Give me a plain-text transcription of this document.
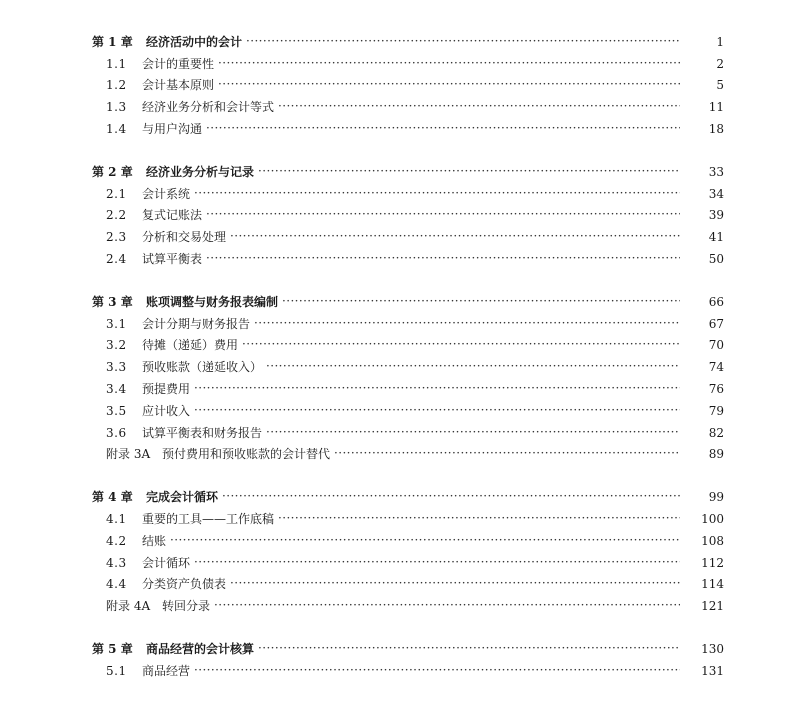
第 1 章	经济活动中的会计 ·····	1
1.1	会计的重要性 ·····	2
1.2	会计基本原则 ·····	5
1.3	经济业务分析和会计等式 ·····	11
1.4	与用户沟通 ·····	18
第 2 章	经济业务分析与记录 ·····	33
2.1	会计系统 ·····	34
2.2	复式记账法 ·····	39
2.3	分析和交易处理 ·····	41
2.4	试算平衡表 ·····	50
第 3 章	账项调整与财务报表编制 ·····	66
3.1	会计分期与财务报告 ·····	67
3.2	待摊（递延）费用 ·····	70
3.3	预收账款（递延收入） ·····	74
3.4	预提费用 ·····	76
3.5	应计收入 ·····	79
3.6	试算平衡表和财务报告 ·····	82
附录 3A 预付费用和预收账款的会计替代 ·····	89
第 4 章	完成会计循环 ·····	99
4.1	重要的工具——工作底稿 ·····	100
4.2	结账 ·····	108
4.3	会计循环 ·····	112
4.4	分类资产负债表 ·····	114
附录 4A 转回分录 ·····	121
第 5 章	商品经营的会计核算 ·····	130
5.1	商品经营 ·····	131
